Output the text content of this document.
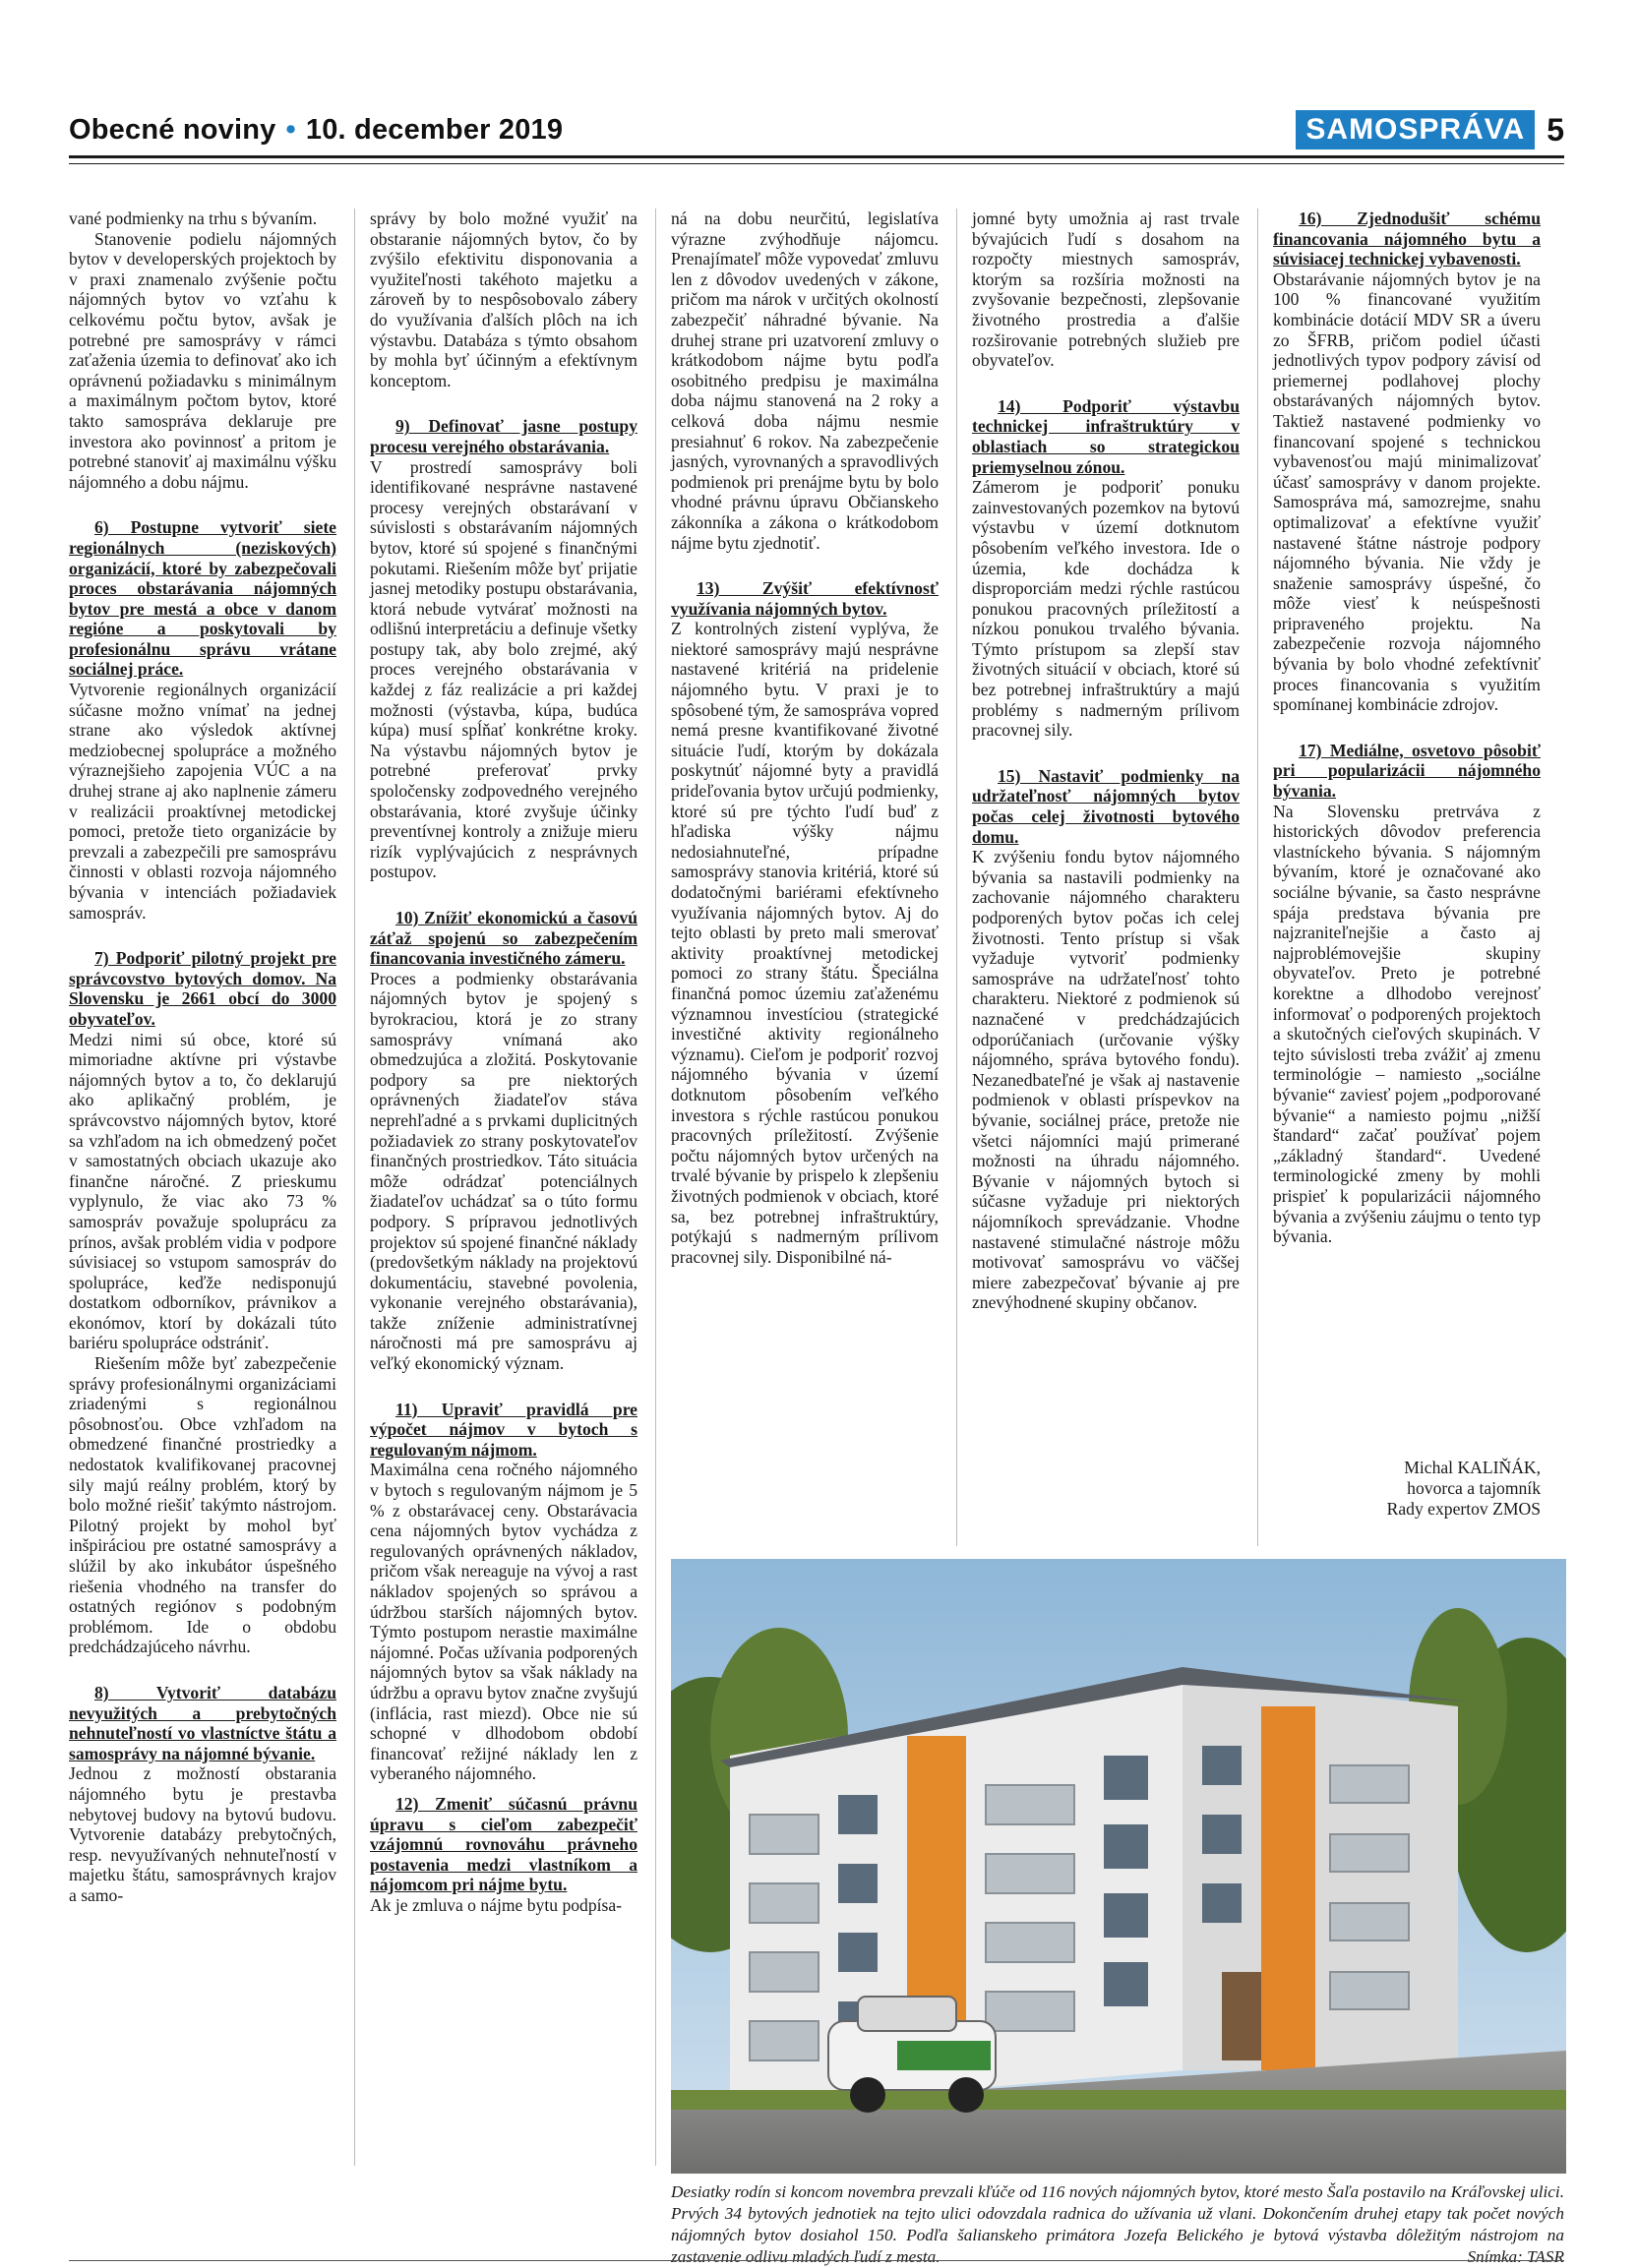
Obecné noviny • 10. december 2019	SAMOSPRÁVA 5

vané podmienky na trhu s bývaním.

Stanovenie podielu nájomných bytov v developerských projektoch by v praxi znamenalo zvýšenie počtu nájomných bytov vo vzťahu k celkovému počtu bytov, avšak je potrebné pre samosprávy v rámci zaťaženia územia to definovať ako ich oprávnenú požiadavku s minimálnym a maximálnym počtom bytov, ktoré takto samospráva deklaruje pre investora ako povinnosť a pritom je potrebné stanoviť aj maximálnu výšku nájomného a dobu nájmu.

6) Postupne vytvoriť siete regionálnych (neziskových) organizácií, ktoré by zabezpečovali proces obstarávania nájomných bytov pre mestá a obce v danom regióne a poskytovali by profesionálnu správu vrátane sociálnej práce.

Vytvorenie regionálnych organizácií súčasne možno vnímať na jednej strane ako výsledok aktívnej medziobecnej spolupráce a možného výraznejšieho zapojenia VÚC a na druhej strane aj ako naplnenie zámeru v realizácii proaktívnej metodickej pomoci, pretože tieto organizácie by prevzali a zabezpečili pre samosprávu činnosti v oblasti rozvoja nájomného bývania v intenciách požiadaviek samospráv.

7) Podporiť pilotný projekt pre správcovstvo bytových domov. Na Slovensku je 2661 obcí do 3000 obyvateľov.

Medzi nimi sú obce, ktoré sú mimoriadne aktívne pri výstavbe nájomných bytov a to, čo deklarujú ako aplikačný problém, je správcovstvo nájomných bytov, ktoré sa vzhľadom na ich obmedzený počet v samostatných obciach ukazuje ako finančne náročné. Z prieskumu vyplynulo, že viac ako 73 % samospráv považuje spoluprácu za prínos, avšak problém vidia v podpore súvisiacej so vstupom samospráv do spolupráce, keďže nedisponujú dostatkom odborníkov, právnikov a ekonómov, ktorí by dokázali túto bariéru spolupráce odstrániť.

Riešením môže byť zabezpečenie správy profesionálnymi organizáciami zriadenými s regionálnou pôsobnosťou. Obce vzhľadom na obmedzené finančné prostriedky a nedostatok kvalifikovanej pracovnej sily majú reálny problém, ktorý by bolo možné riešiť takýmto nástrojom. Pilotný projekt by mohol byť inšpiráciou pre ostatné samosprávy a slúžil by ako inkubátor úspešného riešenia vhodného na transfer do ostatných regiónov s podobným problémom. Ide o obdobu predchádzajúceho návrhu.

8) Vytvoriť databázu nevyužitých a prebytočných nehnuteľností vo vlastníctve štátu a samosprávy na nájomné bývanie.

Jednou z možností obstarania nájomného bytu je prestavba nebytovej budovy na bytovú budovu. Vytvorenie databázy prebytočných, resp. nevyužívaných nehnuteľností v majetku štátu, samosprávnych krajov a samo-

správy by bolo možné využiť na obstaranie nájomných bytov, čo by zvýšilo efektivitu disponovania a využiteľnosti takéhoto majetku a zároveň by to nespôsobovalo zábery do využívania ďalších plôch na ich výstavbu. Databáza s týmto obsahom by mohla byť účinným a efektívnym konceptom.

9) Definovať jasne postupy procesu verejného obstarávania.

V prostredí samosprávy boli identifikované nesprávne nastavené procesy verejných obstarávaní v súvislosti s obstarávaním nájomných bytov, ktoré sú spojené s finančnými pokutami. Riešením môže byť prijatie jasnej metodiky postupu obstarávania, ktorá nebude vytvárať možnosti na odlišnú interpretáciu a definuje všetky postupy tak, aby bolo zrejmé, aký proces verejného obstarávania v každej z fáz realizácie a pri každej možnosti (výstavba, kúpa, budúca kúpa) musí spĺňať konkrétne kroky. Na výstavbu nájomných bytov je potrebné preferovať prvky spoločensky zodpovedného verejného obstarávania, ktoré zvyšuje účinky preventívnej kontroly a znižuje mieru rizík vyplývajúcich z nesprávnych postupov.

10) Znížiť ekonomickú a časovú záťaž spojenú so zabezpečením financovania investičného zámeru.

Proces a podmienky obstarávania nájomných bytov je spojený s byrokraciou, ktorá je zo strany samosprávy vnímaná ako obmedzujúca a zložitá. Poskytovanie podpory sa pre niektorých oprávnených žiadateľov stáva neprehľadné a s prvkami duplicitných požiadaviek zo strany poskytovateľov finančných prostriedkov. Táto situácia môže odrádzať potenciálnych žiadateľov uchádzať sa o túto formu podpory. S prípravou jednotlivých projektov sú spojené finančné náklady (predovšetkým náklady na projektovú dokumentáciu, stavebné povolenia, vykonanie verejného obstarávania), takže zníženie administratívnej náročnosti má pre samosprávu aj veľký ekonomický význam.

11) Upraviť pravidlá pre výpočet nájmov v bytoch s regulovaným nájmom.

Maximálna cena ročného nájomného v bytoch s regulovaným nájmom je 5 % z obstarávacej ceny. Obstarávacia cena nájomných bytov vychádza z regulovaných oprávnených nákladov, pričom však nereaguje na vývoj a rast nákladov spojených so správou a údržbou starších nájomných bytov. Týmto postupom nerastie maximálne nájomné. Počas užívania podporených nájomných bytov sa však náklady na údržbu a opravu bytov značne zvyšujú (inflácia, rast miezd). Obce nie sú schopné v dlhodobom období financovať režijné náklady len z vyberaného nájomného.

12) Zmeniť súčasnú právnu úpravu s cieľom zabezpečiť vzájomnú rovnováhu právneho postavenia medzi vlastníkom a nájomcom pri nájme bytu.

Ak je zmluva o nájme bytu podpísa-

ná na dobu neurčitú, legislatíva výrazne zvýhodňuje nájomcu. Prenajímateľ môže vypovedať zmluvu len z dôvodov uvedených v zákone, pričom ma nárok v určitých okolností zabezpečiť náhradné bývanie. Na druhej strane pri uzatvorení zmluvy o krátkodobom nájme bytu podľa osobitného predpisu je maximálna doba nájmu stanovená na 2 roky a celková doba nájmu nesmie presiahnuť 6 rokov. Na zabezpečenie jasných, vyrovnaných a spravodlivých podmienok pri prenájme bytu by bolo vhodné právnu úpravu Občianskeho zákonníka a zákona o krátkodobom nájme bytu zjednotiť.

13) Zvýšiť efektívnosť využívania nájomných bytov.

Z kontrolných zistení vyplýva, že niektoré samosprávy majú nesprávne nastavené kritériá na pridelenie nájomného bytu. V praxi je to spôsobené tým, že samospráva vopred nemá presne kvantifikované životné situácie ľudí, ktorým by dokázala poskytnúť nájomné byty a pravidlá prideľovania bytov určujú podmienky, ktoré sú pre týchto ľudí buď z hľadiska výšky nájmu nedosiahnuteľné, prípadne samosprávy stanovia kritériá, ktoré sú dodatočnými bariérami efektívneho využívania nájomných bytov. Aj do tejto oblasti by preto mali smerovať aktivity proaktívnej metodickej pomoci zo strany štátu. Špeciálna finančná pomoc územiu zaťaženému významnou investíciou (strategické investičné aktivity regionálneho významu). Cieľom je podporiť rozvoj nájomného bývania v území dotknutom pôsobením veľkého investora s rýchle rastúcou ponukou pracovných príležitostí. Zvýšenie počtu nájomných bytov určených na trvalé bývanie by prispelo k zlepšeniu životných podmienok v obciach, ktoré sa, bez potrebnej infraštruktúry, potýkajú s nadmerným prílivom pracovnej sily. Disponibilné ná-

jomné byty umožnia aj rast trvale bývajúcich ľudí s dosahom na rozpočty miestnych samospráv, ktorým sa rozšíria možnosti na zvyšovanie bezpečnosti, zlepšovanie životného prostredia a ďalšie rozširovanie potrebných služieb pre obyvateľov.

14) Podporiť výstavbu technickej infraštruktúry v oblastiach so strategickou priemyselnou zónou.

Zámerom je podporiť ponuku zainvestovaných pozemkov na bytovú výstavbu v území dotknutom pôsobením veľkého investora. Ide o územia, kde dochádza k disproporciám medzi rýchle rastúcou ponukou pracovných príležitostí a nízkou ponukou trvalého bývania. Týmto prístupom sa zlepší stav životných situácií v obciach, ktoré sú bez potrebnej infraštruktúry a majú problémy s nadmerným prílivom pracovnej sily.

15) Nastaviť podmienky na udržateľnosť nájomných bytov počas celej životnosti bytového domu.

K zvýšeniu fondu bytov nájomného bývania sa nastavili podmienky na zachovanie nájomného charakteru podporených bytov počas ich celej životnosti. Tento prístup si však vyžaduje vytvoriť podmienky samospráve na udržateľnosť tohto charakteru. Niektoré z podmienok sú naznačené v predchádzajúcich odporúčaniach (určovanie výšky nájomného, správa bytového fondu). Nezanedbateľné je však aj nastavenie podmienok v oblasti príspevkov na bývanie, sociálnej práce, pretože nie všetci nájomníci majú primerané možnosti na úhradu nájomného. Bývanie v nájomných bytoch si súčasne vyžaduje pri niektorých nájomníkoch sprevádzanie. Vhodne nastavené stimulačné nástroje môžu motivovať samosprávu vo väčšej miere zabezpečovať bývanie aj pre znevýhodnené skupiny občanov.

16) Zjednodušiť schému financovania nájomného bytu a súvisiacej technickej vybavenosti.

Obstarávanie nájomných bytov je na 100 % financované využitím kombinácie dotácií MDV SR a úveru zo ŠFRB, pričom podiel účasti jednotlivých typov podpory závisí od priemernej podlahovej plochy obstarávaných nájomných bytov. Taktiež nastavené podmienky vo financovaní spojené s technickou vybavenosťou majú minimalizovať účasť samosprávy v danom projekte. Samospráva má, samozrejme, snahu optimalizovať a efektívne využiť nastavené štátne nástroje podpory nájomného bývania. Nie vždy je snaženie samosprávy úspešné, čo môže viesť k neúspešnosti pripraveného projektu. Na zabezpečenie rozvoja nájomného bývania by bolo vhodné zefektívniť proces financovania s využitím spomínanej kombinácie zdrojov.

17) Mediálne, osvetovo pôsobiť pri popularizácii nájomného bývania.

Na Slovensku pretrváva z historických dôvodov preferencia vlastníckeho bývania. S nájomným bývaním, ktoré je označované ako sociálne bývanie, sa často nesprávne spája predstava bývania pre najzraniteľnejšie a často aj najproblémovejšie skupiny obyvateľov. Preto je potrebné korektne a dlhodobo verejnosť informovať o podporených projektoch a skutočných cieľových skupinách. V tejto súvislosti treba zvážiť aj zmenu terminológie – namiesto „sociálne bývanie“ zaviesť pojem „podporované bývanie“ a namiesto pojmu „nižší štandard“ začať používať pojem „základný štandard“. Uvedené terminologické zmeny by mohli prispieť k popularizácii nájomného bývania a zvýšeniu záujmu o tento typ bývania.

Michal KALIŇÁK,
hovorca a tajomník
Rady expertov ZMOS
Desiatky rodín si koncom novembra prevzali kľúče od 116 nových nájomných bytov, ktoré mesto Šaľa postavilo na Kráľovskej ulici. Prvých 34 bytových jednotiek na tejto ulici odovzdala radnica do užívania už vlani. Dokončením druhej etapy tak počet nových nájomných bytov dosiahol 150. Podľa šalianskeho primátora Jozefa Belického je bytová výstavba dôležitým nástrojom na zastavenie odlivu mladých ľudí z mesta.	Snímka: TASR
